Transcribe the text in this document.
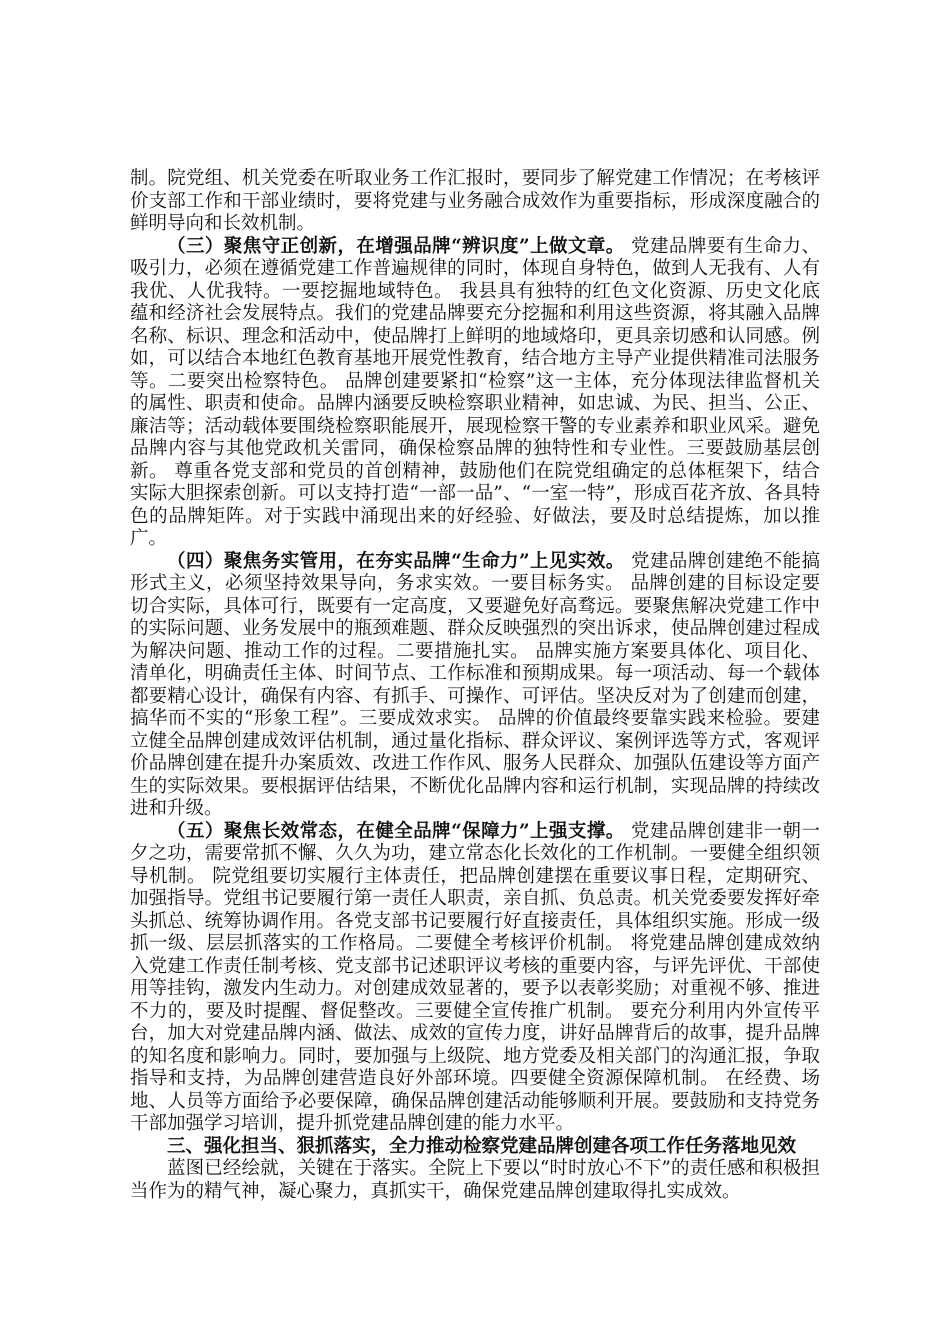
制。院党组、机关党委在听取业务工作汇报时，要同步了解党建工作情况；在考核评价支部工作和干部业绩时，要将党建与业务融合成效作为重要指标，形成深度融合的鲜明导向和长效机制。

（三）聚焦守正创新，在增强品牌“辨识度”上做文章。 党建品牌要有生命力、吸引力，必须在遵循党建工作普遍规律的同时，体现自身特色，做到人无我有、人有我优、人优我特。一要挖掘地域特色。 我县具有独特的红色文化资源、历史文化底蕴和经济社会发展特点。我们的党建品牌要充分挖掘和利用这些资源，将其融入品牌名称、标识、理念和活动中，使品牌打上鲜明的地域烙印，更具亲切感和认同感。例如，可以结合本地红色教育基地开展党性教育，结合地方主导产业提供精准司法服务等。二要突出检察特色。 品牌创建要紧扣“检察”这一主体，充分体现法律监督机关的属性、职责和使命。品牌内涵要反映检察职业精神，如忠诚、为民、担当、公正、廉洁等；活动载体要围绕检察职能展开，展现检察干警的专业素养和职业风采。避免品牌内容与其他党政机关雷同，确保检察品牌的独特性和专业性。三要鼓励基层创新。 尊重各党支部和党员的首创精神，鼓励他们在院党组确定的总体框架下，结合实际大胆探索创新。可以支持打造“一部一品”、“一室一特”，形成百花齐放、各具特色的品牌矩阵。对于实践中涌现出来的好经验、好做法，要及时总结提炼，加以推广。

（四）聚焦务实管用，在夯实品牌“生命力”上见实效。 党建品牌创建绝不能搞形式主义，必须坚持效果导向，务求实效。一要目标务实。 品牌创建的目标设定要切合实际，具体可行，既要有一定高度，又要避免好高骛远。要聚焦解决党建工作中的实际问题、业务发展中的瓶颈难题、群众反映强烈的突出诉求，使品牌创建过程成为解决问题、推动工作的过程。二要措施扎实。 品牌实施方案要具体化、项目化、清单化，明确责任主体、时间节点、工作标准和预期成果。每一项活动、每一个载体都要精心设计，确保有内容、有抓手、可操作、可评估。坚决反对为了创建而创建，搞华而不实的“形象工程”。三要成效求实。 品牌的价值最终要靠实践来检验。要建立健全品牌创建成效评估机制，通过量化指标、群众评议、案例评选等方式，客观评价品牌创建在提升办案质效、改进工作作风、服务人民群众、加强队伍建设等方面产生的实际效果。要根据评估结果，不断优化品牌内容和运行机制，实现品牌的持续改进和升级。

（五）聚焦长效常态，在健全品牌“保障力”上强支撑。 党建品牌创建非一朝一夕之功，需要常抓不懈、久久为功，建立常态化长效化的工作机制。一要健全组织领导机制。 院党组要切实履行主体责任，把品牌创建摆在重要议事日程，定期研究、加强指导。党组书记要履行第一责任人职责，亲自抓、负总责。机关党委要发挥好牵头抓总、统筹协调作用。各党支部书记要履行好直接责任，具体组织实施。形成一级抓一级、层层抓落实的工作格局。二要健全考核评价机制。 将党建品牌创建成效纳入党建工作责任制考核、党支部书记述职评议考核的重要内容，与评先评优、干部使用等挂钩，激发内生动力。对创建成效显著的，要予以表彰奖励；对重视不够、推进不力的，要及时提醒、督促整改。三要健全宣传推广机制。 要充分利用内外宣传平台，加大对党建品牌内涵、做法、成效的宣传力度，讲好品牌背后的故事，提升品牌的知名度和影响力。同时，要加强与上级院、地方党委及相关部门的沟通汇报，争取指导和支持，为品牌创建营造良好外部环境。四要健全资源保障机制。 在经费、场地、人员等方面给予必要保障，确保品牌创建活动能够顺利开展。要鼓励和支持党务干部加强学习培训，提升抓党建品牌创建的能力水平。

三、强化担当、狠抓落实，全力推动检察党建品牌创建各项工作任务落地见效

蓝图已经绘就，关键在于落实。全院上下要以“时时放心不下”的责任感和积极担当作为的精气神，凝心聚力，真抓实干，确保党建品牌创建取得扎实成效。
